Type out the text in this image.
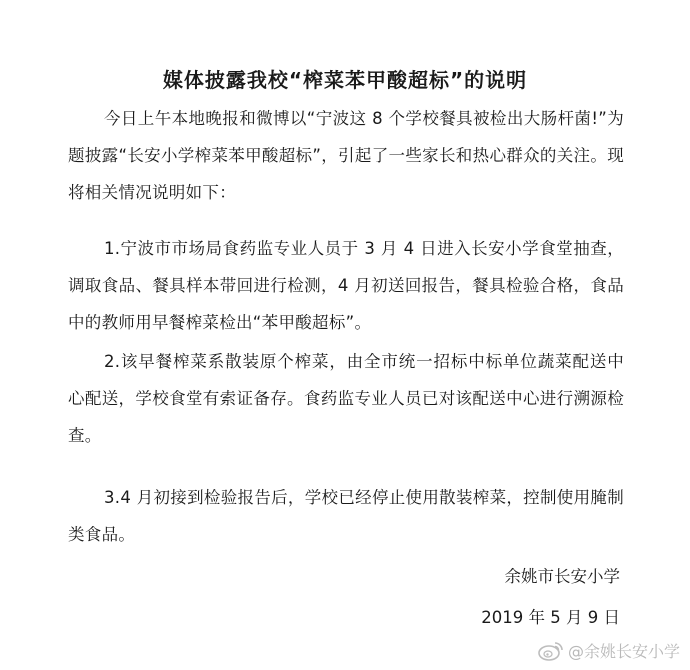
媒体披露我校“榨菜苯甲酸超标”的说明
今日上午本地晚报和微博以“宁波这 8 个学校餐具被检出大肠杆菌!”为题披露“长安小学榨菜苯甲酸超标”，引起了一些家长和热心群众的关注。现将相关情况说明如下：
1.宁波市市场局食药监专业人员于 3 月 4 日进入长安小学食堂抽查，调取食品、餐具样本带回进行检测，4 月初送回报告，餐具检验合格，食品中的教师用早餐榨菜检出“苯甲酸超标”。
2.该早餐榨菜系散装原个榨菜，由全市统一招标中标单位蔬菜配送中心配送，学校食堂有索证备存。食药监专业人员已对该配送中心进行溯源检查。
3.4 月初接到检验报告后，学校已经停止使用散装榨菜，控制使用腌制类食品。
余姚市长安小学
2019 年 5 月 9 日
@余姚长安小学
